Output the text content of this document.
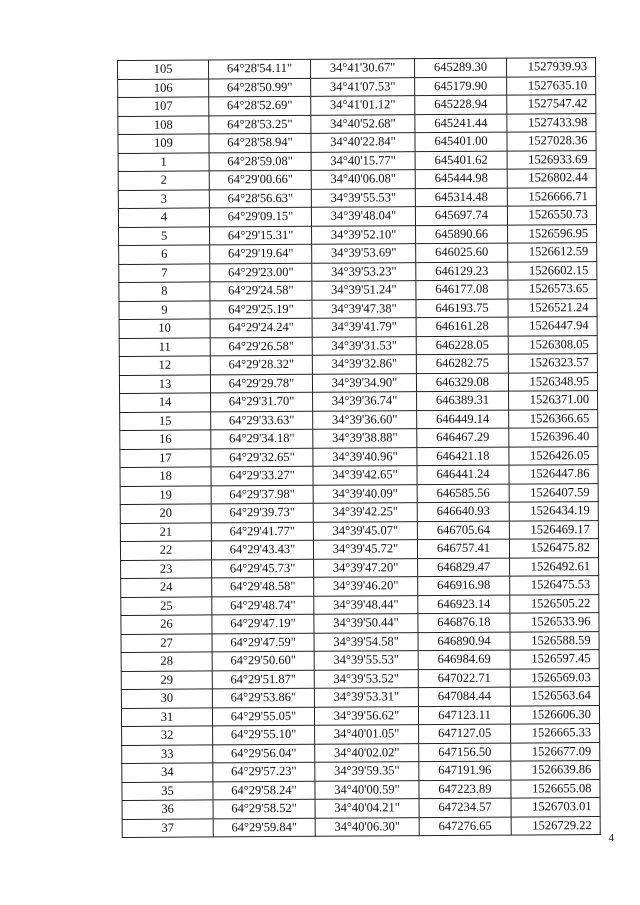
105	64°28'54.11"	34°41'30.67"	645289.30	1527939.93
106	64°28'50.99"	34°41'07.53"	645179.90	1527635.10
107	64°28'52.69"	34°41'01.12"	645228.94	1527547.42
108	64°28'53.25"	34°40'52.68"	645241.44	1527433.98
109	64°28'58.94"	34°40'22.84"	645401.00	1527028.36
1	64°28'59.08"	34°40'15.77"	645401.62	1526933.69
2	64°29'00.66"	34°40'06.08"	645444.98	1526802.44
3	64°28'56.63"	34°39'55.53"	645314.48	1526666.71
4	64°29'09.15"	34°39'48.04"	645697.74	1526550.73
5	64°29'15.31"	34°39'52.10"	645890.66	1526596.95
6	64°29'19.64"	34°39'53.69"	646025.60	1526612.59
7	64°29'23.00"	34°39'53.23"	646129.23	1526602.15
8	64°29'24.58"	34°39'51.24"	646177.08	1526573.65
9	64°29'25.19"	34°39'47.38"	646193.75	1526521.24
10	64°29'24.24"	34°39'41.79"	646161.28	1526447.94
11	64°29'26.58"	34°39'31.53"	646228.05	1526308.05
12	64°29'28.32"	34°39'32.86"	646282.75	1526323.57
13	64°29'29.78"	34°39'34.90"	646329.08	1526348.95
14	64°29'31.70"	34°39'36.74"	646389.31	1526371.00
15	64°29'33.63"	34°39'36.60"	646449.14	1526366.65
16	64°29'34.18"	34°39'38.88"	646467.29	1526396.40
17	64°29'32.65"	34°39'40.96"	646421.18	1526426.05
18	64°29'33.27"	34°39'42.65"	646441.24	1526447.86
19	64°29'37.98"	34°39'40.09"	646585.56	1526407.59
20	64°29'39.73"	34°39'42.25"	646640.93	1526434.19
21	64°29'41.77"	34°39'45.07"	646705.64	1526469.17
22	64°29'43.43"	34°39'45.72"	646757.41	1526475.82
23	64°29'45.73"	34°39'47.20"	646829.47	1526492.61
24	64°29'48.58"	34°39'46.20"	646916.98	1526475.53
25	64°29'48.74"	34°39'48.44"	646923.14	1526505.22
26	64°29'47.19"	34°39'50.44"	646876.18	1526533.96
27	64°29'47.59"	34°39'54.58"	646890.94	1526588.59
28	64°29'50.60"	34°39'55.53"	646984.69	1526597.45
29	64°29'51.87"	34°39'53.52"	647022.71	1526569.03
30	64°29'53.86"	34°39'53.31"	647084.44	1526563.64
31	64°29'55.05"	34°39'56.62"	647123.11	1526606.30
32	64°29'55.10"	34°40'01.05"	647127.05	1526665.33
33	64°29'56.04"	34°40'02.02"	647156.50	1526677.09
34	64°29'57.23"	34°39'59.35"	647191.96	1526639.86
35	64°29'58.24"	34°40'00.59"	647223.89	1526655.08
36	64°29'58.52"	34°40'04.21"	647234.57	1526703.01
37	64°29'59.84"	34°40'06.30"	647276.65	1526729.22
4
